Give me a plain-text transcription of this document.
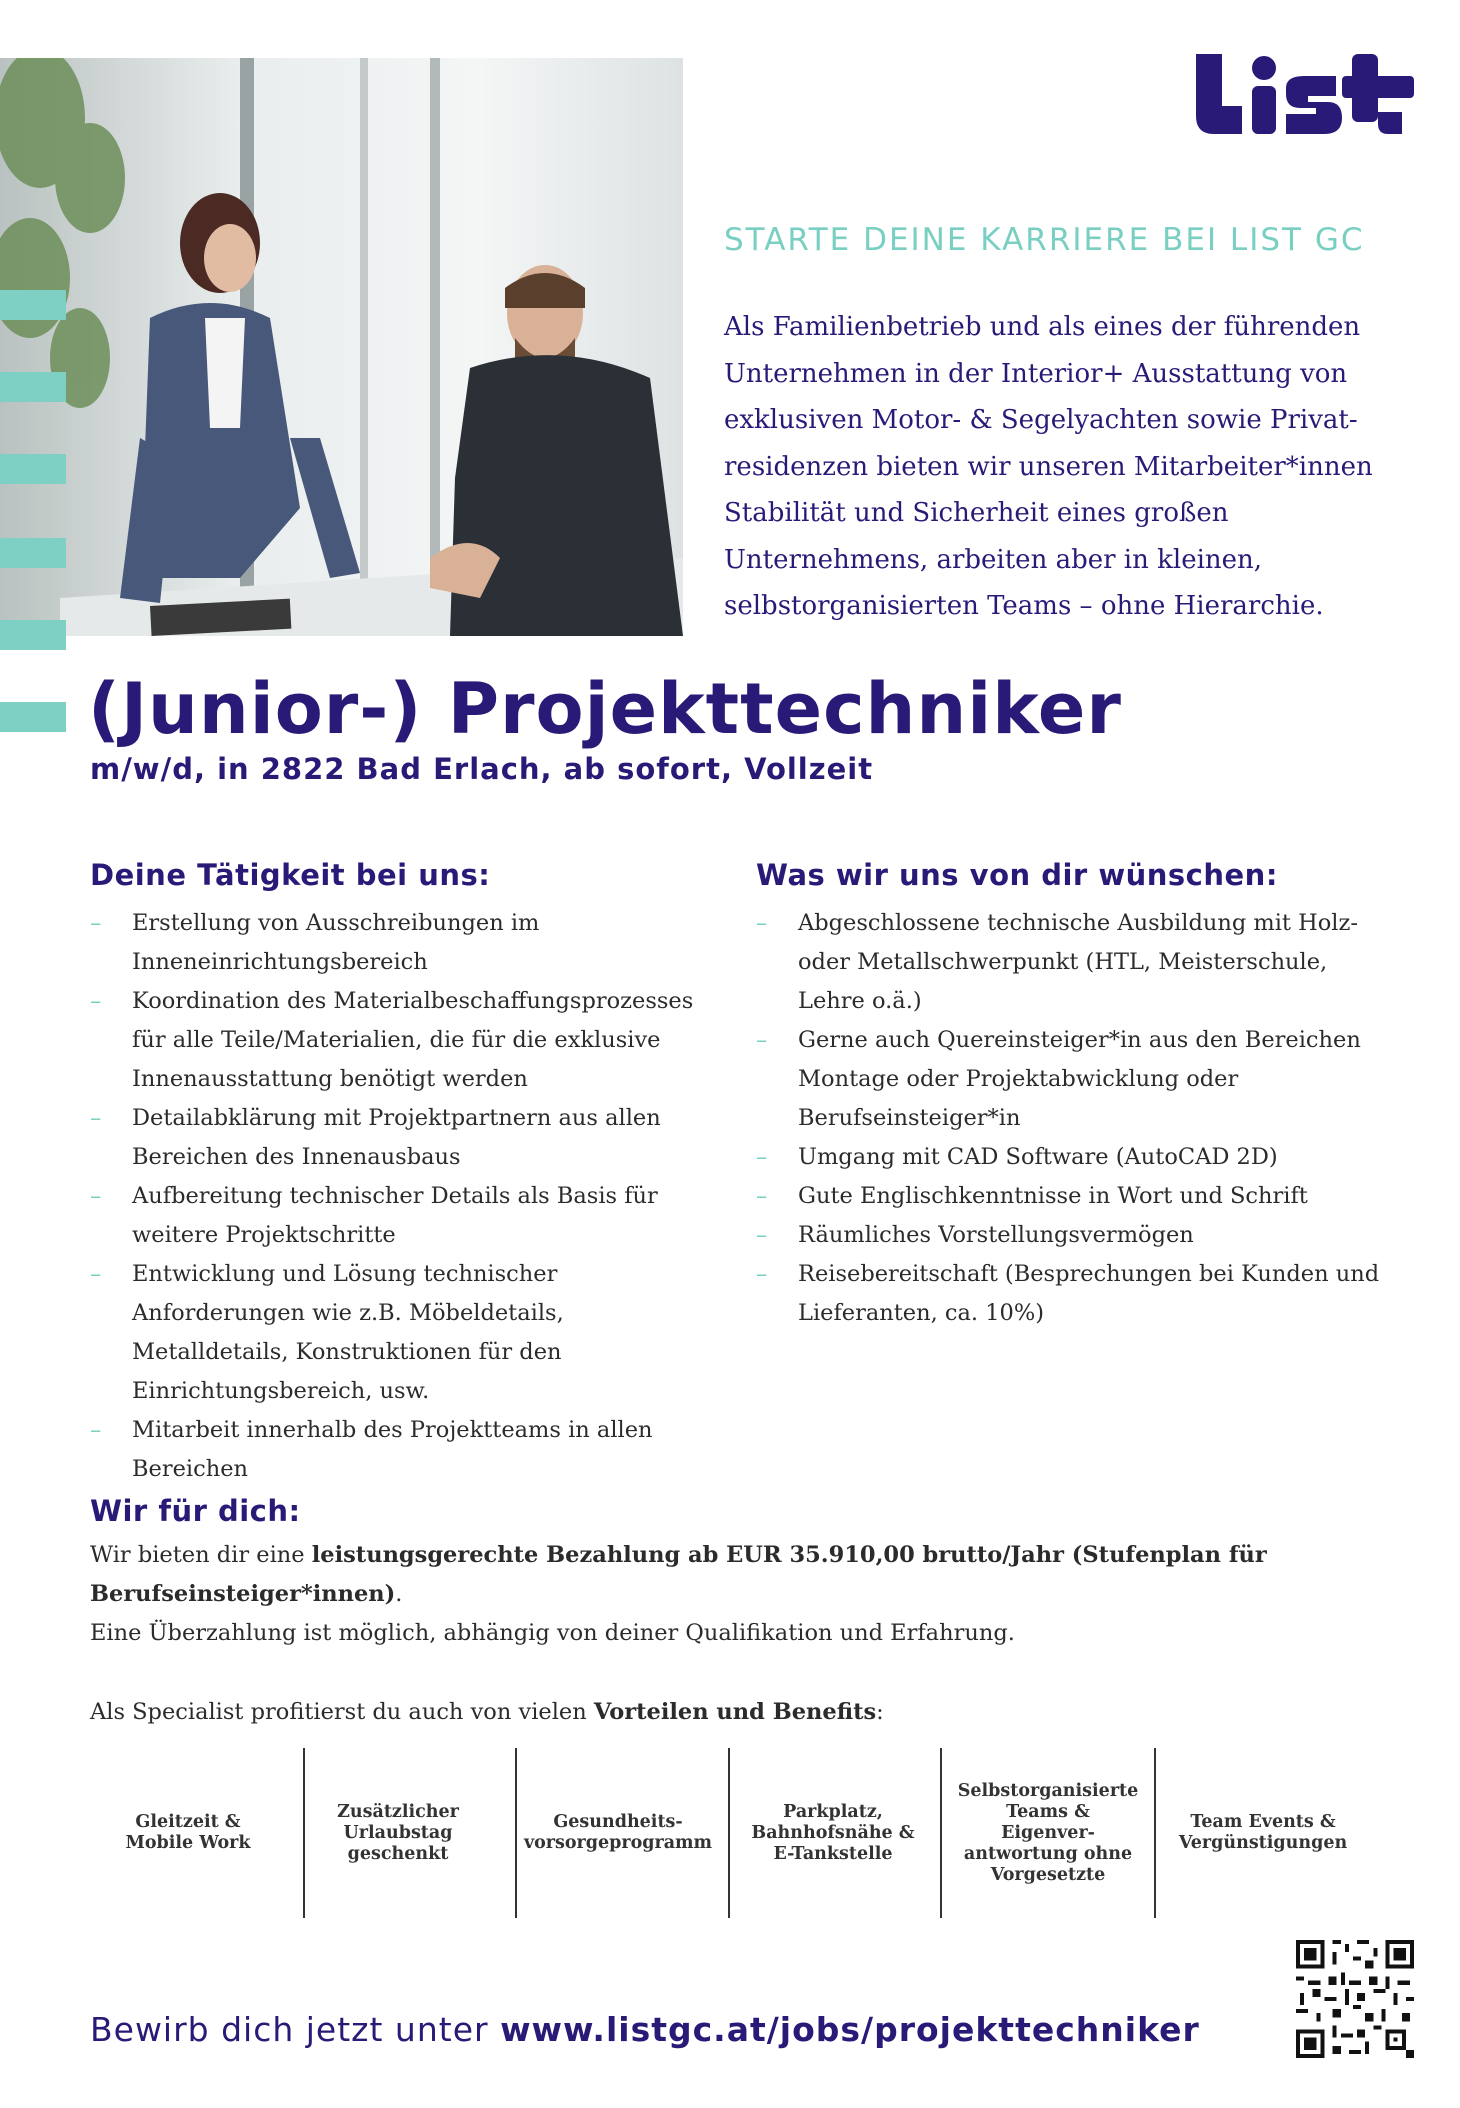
STARTE DEINE KARRIERE BEI LIST GC
Als Familienbetrieb und als eines der führenden Unternehmen in der Interior+ Ausstattung von exklusiven Motor- & Segelyachten sowie Privat-residenzen bieten wir unseren Mitarbeiter*innen Stabilität und Sicherheit eines großen Unternehmens, arbeiten aber in kleinen, selbstorganisierten Teams – ohne Hierarchie.
(Junior-) Projekttechniker
m/w/d, in 2822 Bad Erlach, ab sofort, Vollzeit
Deine Tätigkeit bei uns:
– Erstellung von Ausschreibungen im Inneneinrichtungsbereich
– Koordination des Materialbeschaffungsprozesses für alle Teile/Materialien, die für die exklusive Innenausstattung benötigt werden
– Detailabklärung mit Projektpartnern aus allen Bereichen des Innenausbaus
– Aufbereitung technischer Details als Basis für weitere Projektschritte
– Entwicklung und Lösung technischer Anforderungen wie z.B. Möbeldetails, Metalldetails, Konstruktionen für den Einrichtungsbereich, usw.
– Mitarbeit innerhalb des Projektteams in allen Bereichen
Was wir uns von dir wünschen:
– Abgeschlossene technische Ausbildung mit Holz- oder Metallschwerpunkt (HTL, Meisterschule, Lehre o.ä.)
– Gerne auch Quereinsteiger*in aus den Bereichen Montage oder Projektabwicklung oder Berufseinsteiger*in
– Umgang mit CAD Software (AutoCAD 2D)
– Gute Englischkenntnisse in Wort und Schrift
– Räumliches Vorstellungsvermögen
– Reisebereitschaft (Besprechungen bei Kunden und Lieferanten, ca. 10%)
Wir für dich:
Wir bieten dir eine leistungsgerechte Bezahlung ab EUR 35.910,00 brutto/Jahr (Stufenplan für Berufseinsteiger*innen).
Eine Überzahlung ist möglich, abhängig von deiner Qualifikation und Erfahrung.
Als Specialist profitierst du auch von vielen Vorteilen und Benefits:
Gleitzeit & Mobile Work
Zusätzlicher Urlaubstag geschenkt
Gesundheits-vorsorgeprogramm
Parkplatz, Bahnhofsnähe & E-Tankstelle
Selbstorganisierte Teams & Eigenver-antwortung ohne Vorgesetzte
Team Events & Vergünstigungen
Bewirb dich jetzt unter www.listgc.at/jobs/projekttechniker
